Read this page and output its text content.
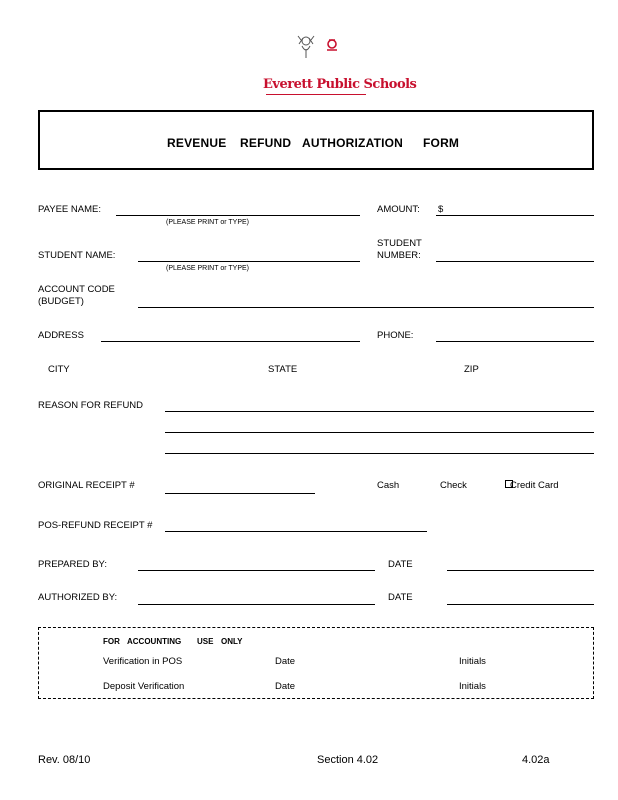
Everett Public Schools
REVENUE REFUND AUTHORIZATION FORM
PAYEE NAME:
(PLEASE PRINT or TYPE)
AMOUNT: $
STUDENT NAME:
(PLEASE PRINT or TYPE)
STUDENT
NUMBER:
ACCOUNT CODE
(BUDGET)
ADDRESS	PHONE:
CITY	STATE	ZIP
REASON FOR REFUND
ORIGINAL RECEIPT #	Cash	Check	Credit Card
POS-REFUND RECEIPT #
PREPARED BY:	DATE
AUTHORIZED BY:	DATE
FOR ACCOUNTING USE ONLY
Verification in POS	Date	Initials
Deposit Verification	Date	Initials
Rev. 08/10	Section 4.02	4.02a
